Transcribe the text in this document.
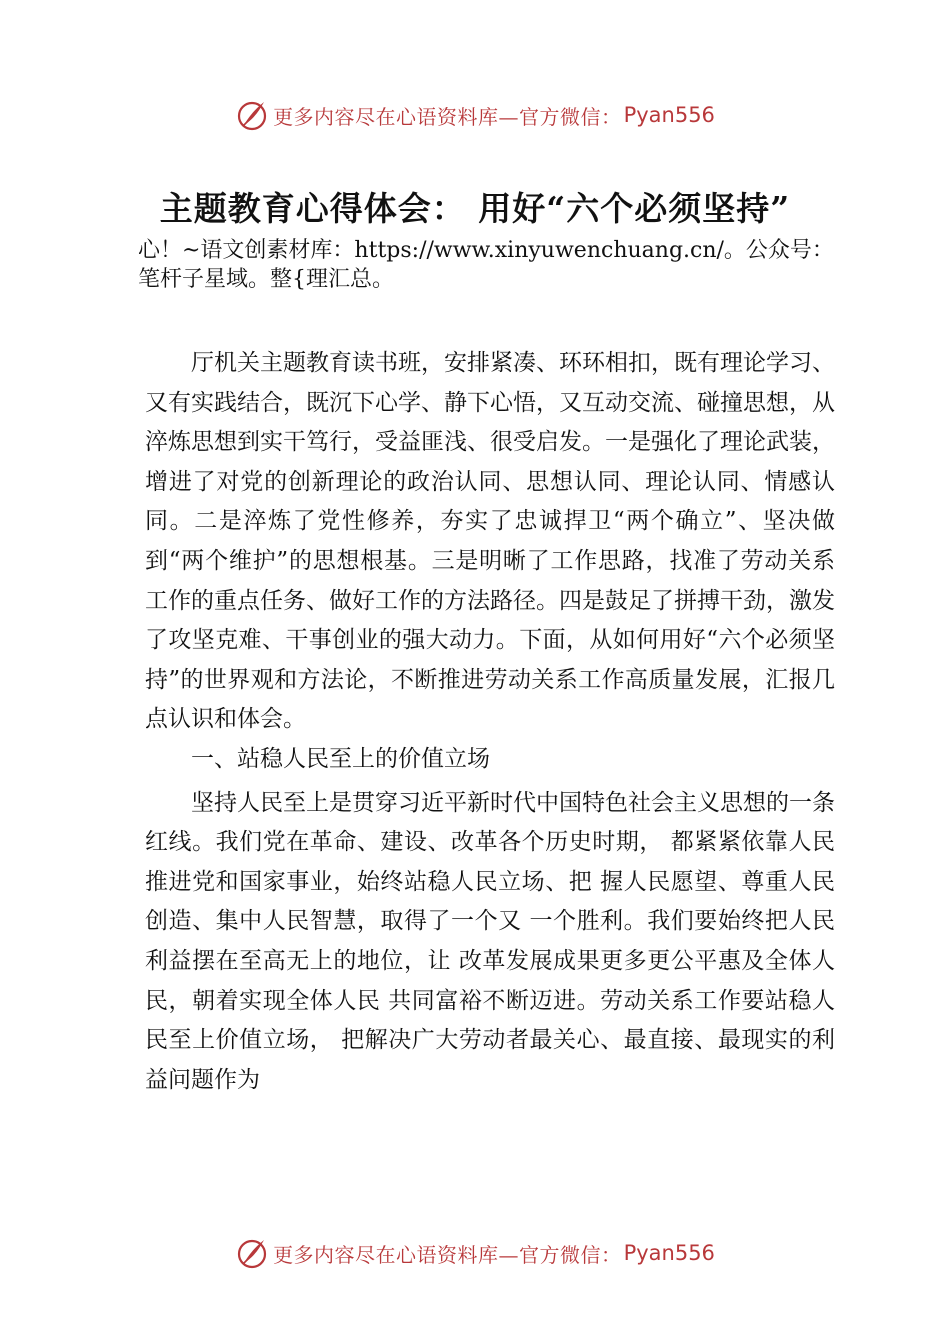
更多内容尽在心语资料库—官方微信： Pyan556
主题教育心得体会： 用好“六个必须坚持”
心！~语文创素材库：https://www.xinyuwenchuang.cn/。公众号：笔杆子星域。整{理汇总。

厅机关主题教育读书班，安排紧凑、环环相扣，既有理论学习、又有实践结合，既沉下心学、静下心悟，又互动交流、碰撞思想，从淬炼思想到实干笃行，受益匪浅、很受启发。一是强化了理论武装，增进了对党的创新理论的政治认同、思想认同、理论认同、情感认同。二是淬炼了党性修养，夯实了忠诚捍卫“两个确立”、坚决做到“两个维护”的思想根基。三是明晰了工作思路，找准了劳动关系工作的重点任务、做好工作的方法路径。四是鼓足了拼搏干劲，激发了攻坚克难、干事创业的强大动力。下面，从如何用好“六个必须坚持”的世界观和方法论，不断推进劳动关系工作高质量发展，汇报几点认识和体会。

一、站稳人民至上的价值立场

坚持人民至上是贯穿习近平新时代中国特色社会主义思想的一条红线。我们党在革命、建设、改革各个历史时期， 都紧紧依靠人民推进党和国家事业，始终站稳人民立场、把 握人民愿望、尊重人民创造、集中人民智慧，取得了一个又 一个胜利。我们要始终把人民利益摆在至高无上的地位，让 改革发展成果更多更公平惠及全体人民，朝着实现全体人民 共同富裕不断迈进。劳动关系工作要站稳人民至上价值立场， 把解决广大劳动者最关心、最直接、最现实的利益问题作为

更多内容尽在心语资料库—官方微信： Pyan556
